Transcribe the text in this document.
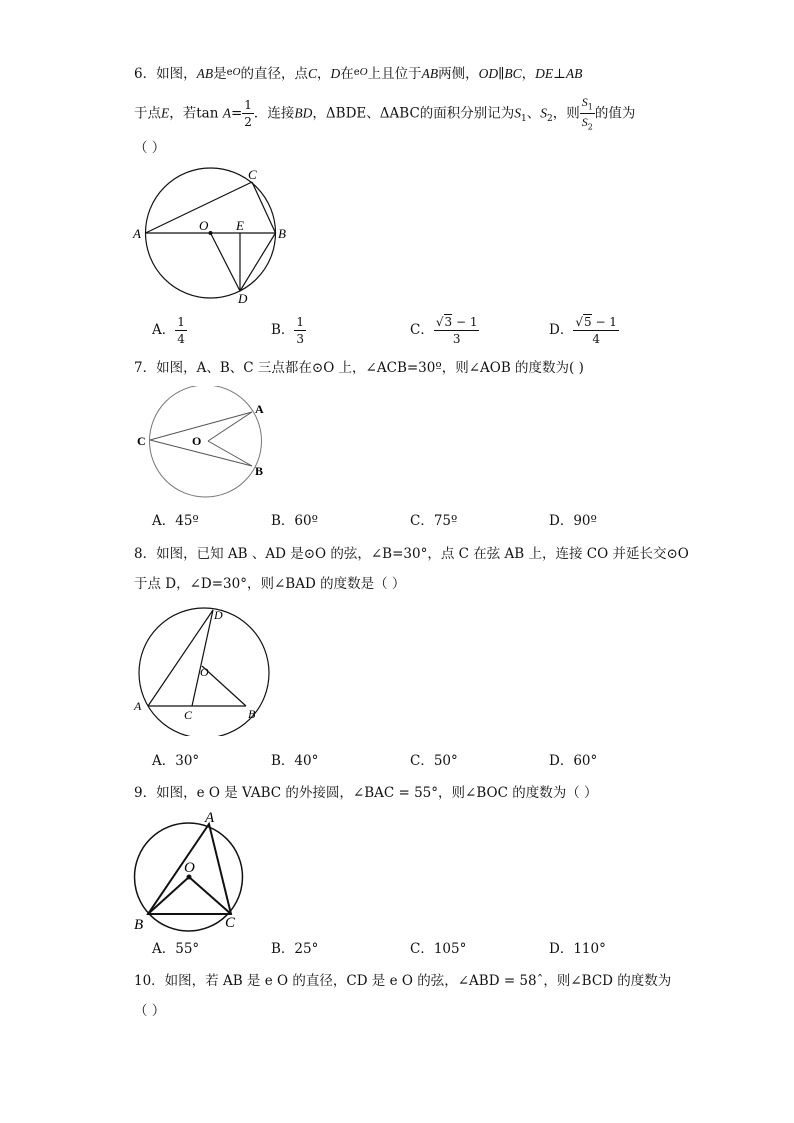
6．如图，AB是$^{eO}$的直径，点C，D在$^{eO}$上且位于AB两侧，OD∥BC，DE⊥AB
于点E，若$\tan A= \frac{1}{2}$ ．连接BD，ΔBDE、ΔABC的面积分别记为$S_1$、$S_2$，则 $\frac{S_1}{S_2}$ 的值为
（ ）
A	B
C
D
O E
A． $\frac{1}{4}$	B． $\frac{1}{3}$	C． $\frac{√3 - 1}{3}$	D． $\frac{√5 - 1}{4}$
7．如图，A、B、C 三点都在⊙O 上，∠ACB=30º，则∠AOB 的度数为( )
C
A
B
O
A．45º	B．60º	C．75º	D．90º
8．如图，已知 AB 、AD 是⊙O 的弦，∠B=30°，点 C 在弦 AB 上，连接 CO 并延长交⊙O
于点 D，∠D=30°，则∠BAD 的度数是（ ）
A
B
C
D
O
A．30°	B．40°	C．50°	D．60°
9．如图，e O 是 VABC 的外接圆，∠BAC = 55°，则∠BOC 的度数为（ ）
A
B	C
O
A．55°	B．25°	C．105°	D．110°
10．如图，若 AB 是 e O 的直径，CD 是 e O 的弦，∠ABD = 58ˆ，则∠BCD 的度数为
（ ）
